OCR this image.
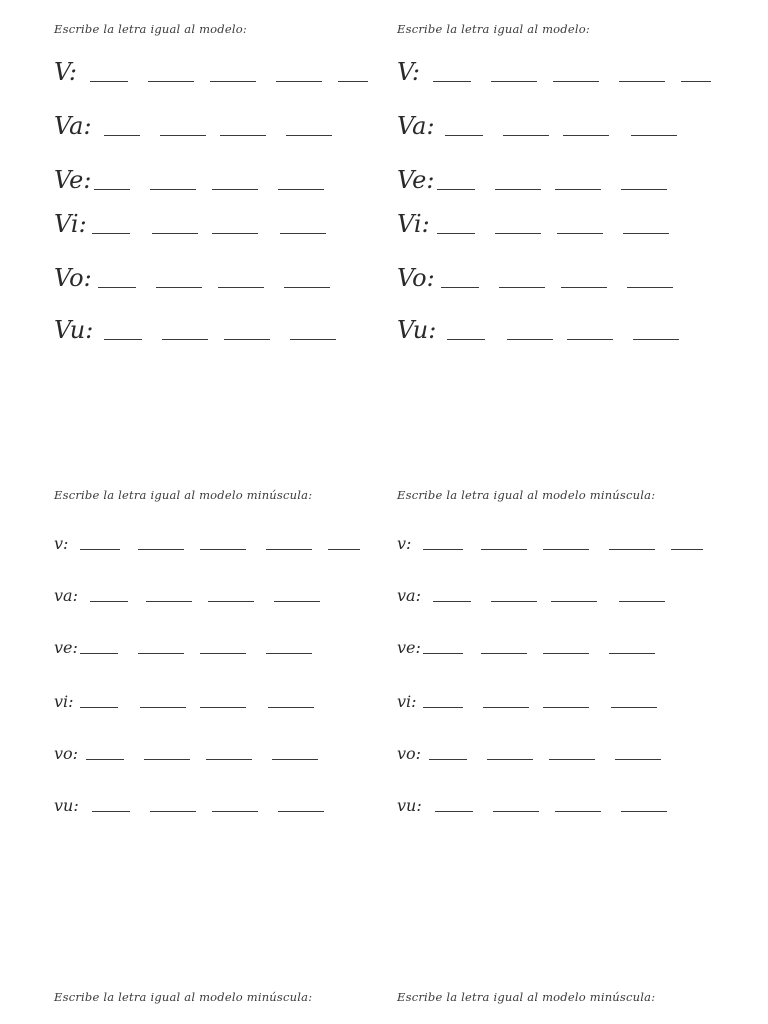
Escribe la letra igual al modelo:
V:
Va:
Ve:
Vi:
Vo:
Vu:
Escribe la letra igual al modelo:
V:
Va:
Ve:
Vi:
Vo:
Vu:
Escribe la letra igual al modelo minúscula:
v:
va:
ve:
vi:
vo:
vu:
Escribe la letra igual al modelo minúscula:
v:
va:
ve:
vi:
vo:
vu:
Escribe la letra igual al modelo minúscula:	Escribe la letra igual al modelo minúscula:
